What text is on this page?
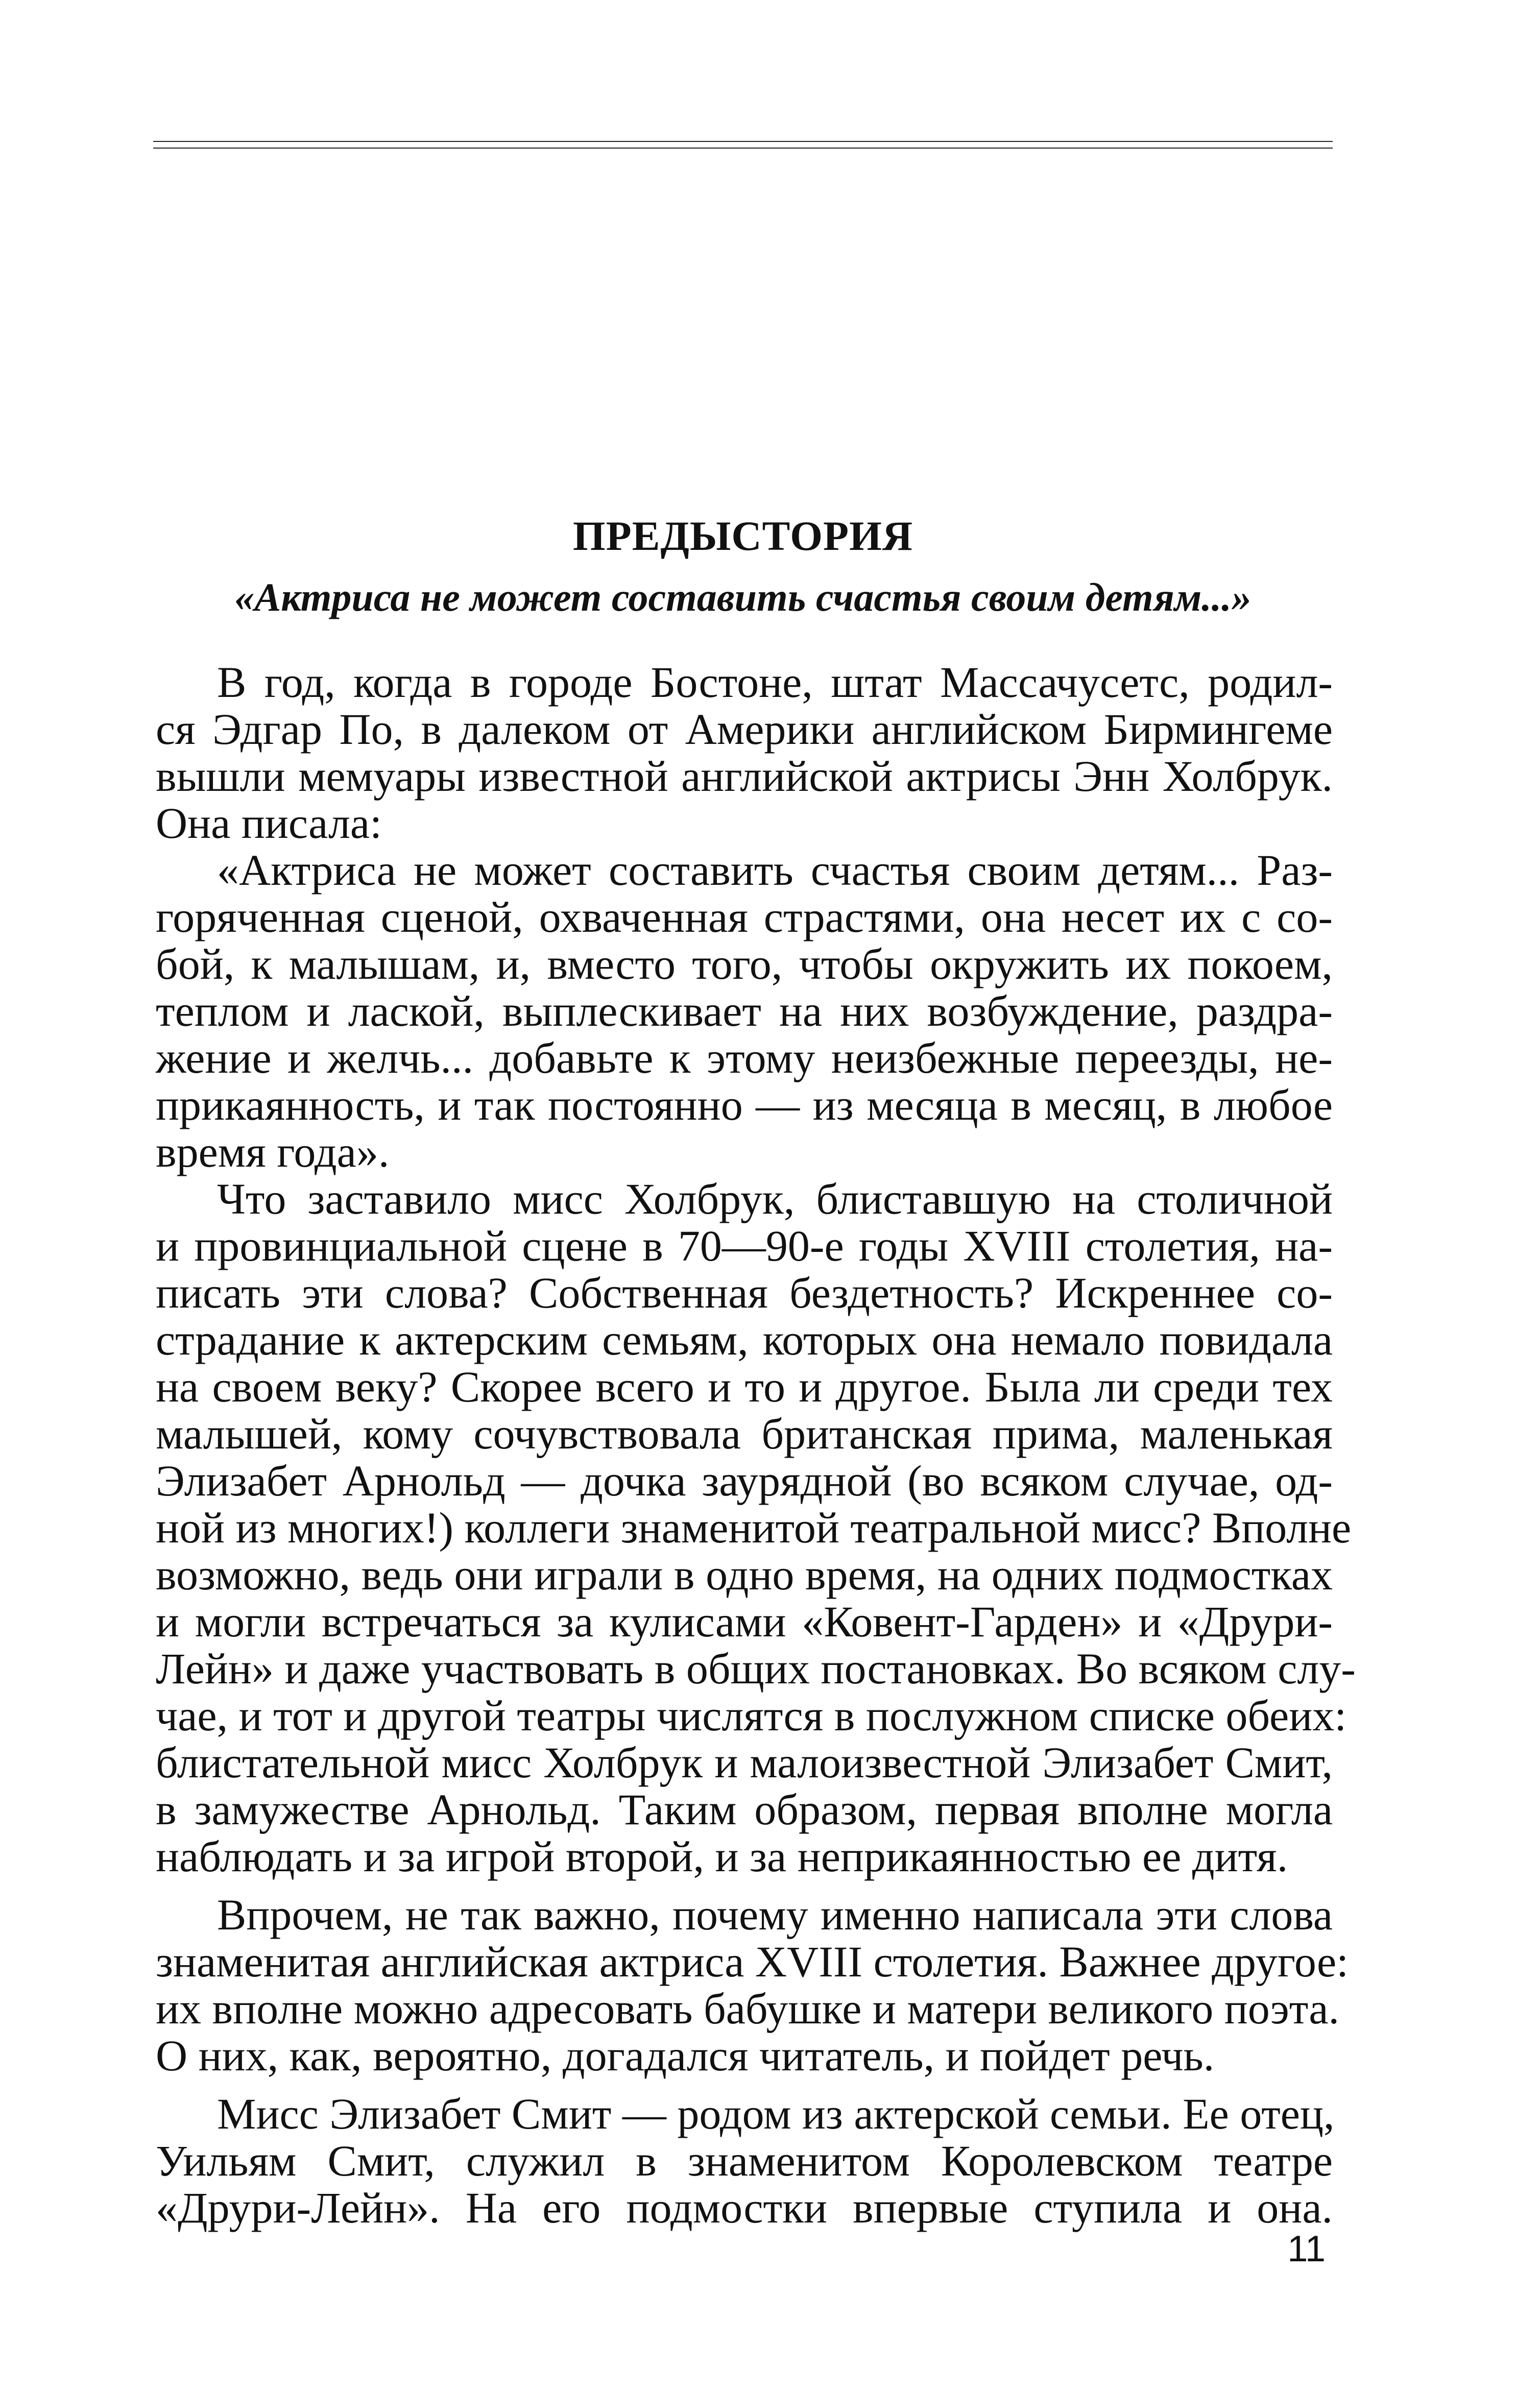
ПРЕДЫСТОРИЯ
«Актриса не может составить счастья своим детям...»
В год, когда в городе Бостоне, штат Массачусетс, родил-
ся Эдгар По, в далеком от Америки английском Бирмингеме
вышли мемуары известной английской актрисы Энн Холбрук.
Она писала:
«Актриса не может составить счастья своим детям... Раз-
горяченная сценой, охваченная страстями, она несет их с со-
бой, к малышам, и, вместо того, чтобы окружить их покоем,
теплом и лаской, выплескивает на них возбуждение, раздра-
жение и желчь... добавьте к этому неизбежные переезды, не-
прикаянность, и так постоянно — из месяца в месяц, в любое
время года».
Что заставило мисс Холбрук, блиставшую на столичной
и провинциальной сцене в 70—90-е годы XVIII столетия, на-
писать эти слова? Собственная бездетность? Искреннее со-
страдание к актерским семьям, которых она немало повидала
на своем веку? Скорее всего и то и другое. Была ли среди тех
малышей, кому сочувствовала британская прима, маленькая
Элизабет Арнольд — дочка заурядной (во всяком случае, од-
ной из многих!) коллеги знаменитой театральной мисс? Вполне
возможно, ведь они играли в одно время, на одних подмостках
и могли встречаться за кулисами «Ковент-Гарден» и «Друри-
Лейн» и даже участвовать в общих постановках. Во всяком слу-
чае, и тот и другой театры числятся в послужном списке обеих:
блистательной мисс Холбрук и малоизвестной Элизабет Смит,
в замужестве Арнольд. Таким образом, первая вполне могла
наблюдать и за игрой второй, и за неприкаянностью ее дитя.
Впрочем, не так важно, почему именно написала эти слова
знаменитая английская актриса XVIII столетия. Важнее другое:
их вполне можно адресовать бабушке и матери великого поэта.
О них, как, вероятно, догадался читатель, и пойдет речь.
Мисс Элизабет Смит — родом из актерской семьи. Ее отец,
Уильям Смит, служил в знаменитом Королевском театре
«Друри-Лейн». На его подмостки впервые ступила и она.
11
